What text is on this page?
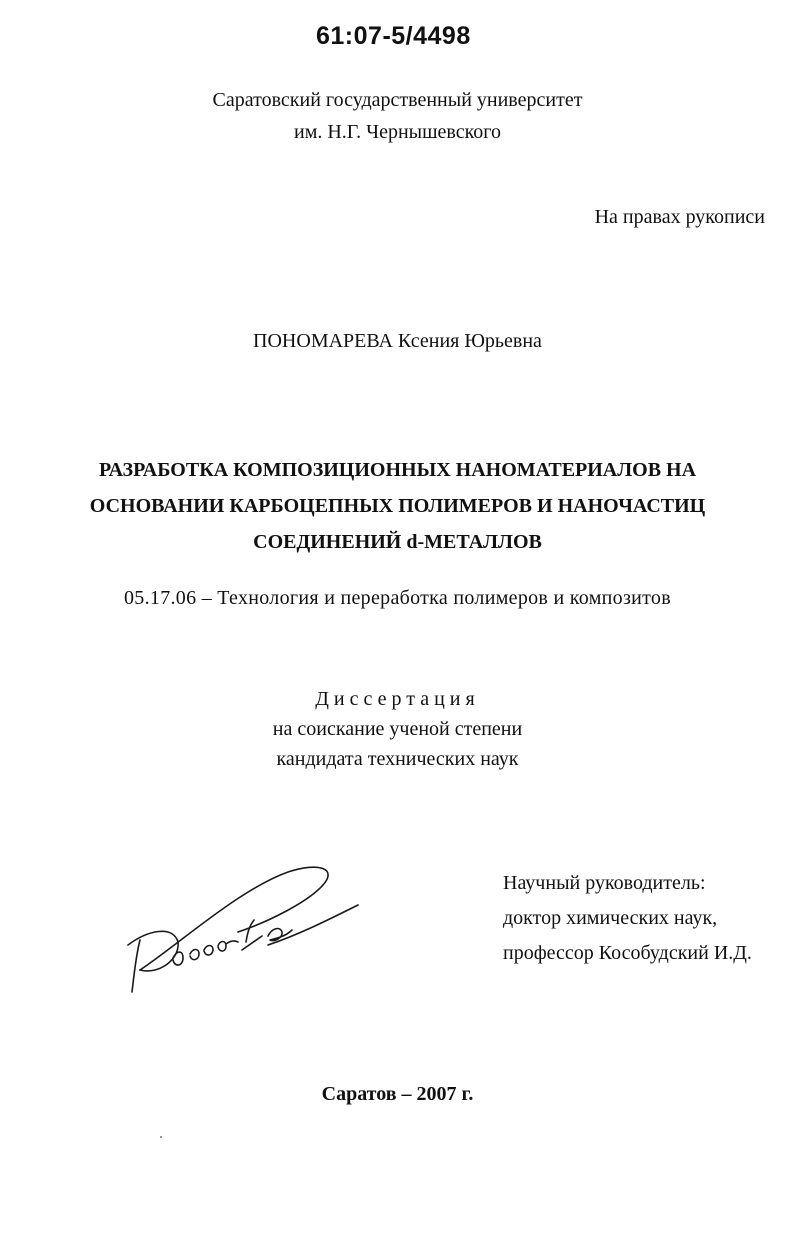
61:07-5/4498
Саратовский государственный университет
им. Н.Г. Чернышевского
На правах рукописи
ПОНОМАРЕВА Ксения Юрьевна
РАЗРАБОТКА КОМПОЗИЦИОННЫХ НАНОМАТЕРИАЛОВ НА
ОСНОВАНИИ КАРБОЦЕПНЫХ ПОЛИМЕРОВ И НАНОЧАСТИЦ
СОЕДИНЕНИЙ d-МЕТАЛЛОВ
05.17.06 – Технология и переработка полимеров и композитов
Диссертация
на соискание ученой степени
кандидата технических наук
Научный руководитель:
доктор химических наук,
профессор Кособудский И.Д.
Саратов – 2007 г.
